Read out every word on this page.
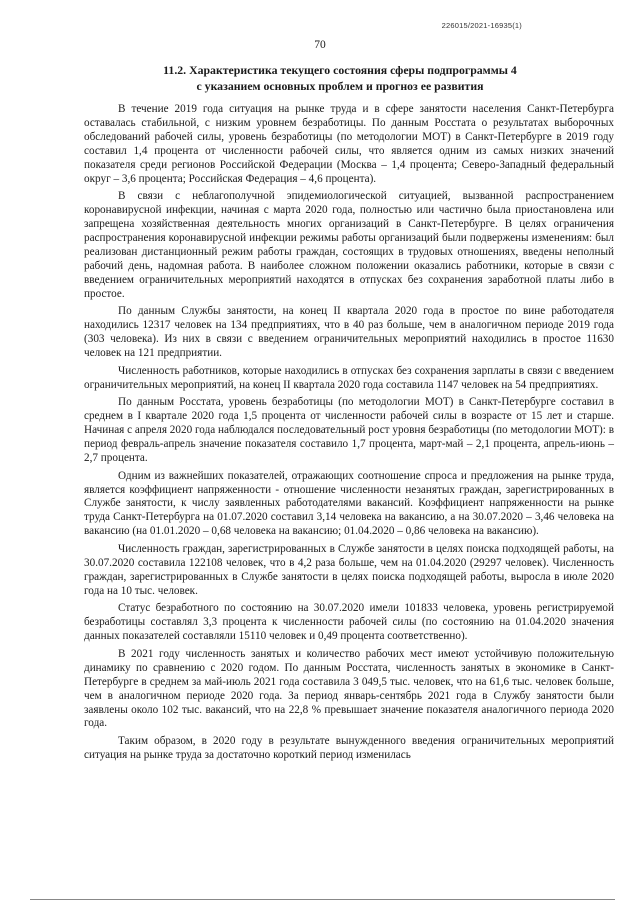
226015/2021-16935(1)
70
11.2. Характеристика текущего состояния сферы подпрограммы 4
с указанием основных проблем и прогноз ее развития

В течение 2019 года ситуация на рынке труда и в сфере занятости населения Санкт-Петербурга оставалась стабильной, с низким уровнем безработицы. По данным Росстата о результатах выборочных обследований рабочей силы, уровень безработицы (по методологии МОТ) в Санкт-Петербурге в 2019 году составил 1,4 процента от численности рабочей силы, что является одним из самых низких значений показателя среди регионов Российской Федерации (Москва – 1,4 процента; Северо-Западный федеральный округ – 3,6 процента; Российская Федерация – 4,6 процента).

В связи с неблагополучной эпидемиологической ситуацией, вызванной распространением коронавирусной инфекции, начиная с марта 2020 года, полностью или частично была приостановлена или запрещена хозяйственная деятельность многих организаций в Санкт-Петербурге. В целях ограничения распространения коронавирусной инфекции режимы работы организаций были подвержены изменениям: был реализован дистанционный режим работы граждан, состоящих в трудовых отношениях, введены неполный рабочий день, надомная работа. В наиболее сложном положении оказались работники, которые в связи с введением ограничительных мероприятий находятся в отпусках без сохранения заработной платы либо в простое.

По данным Службы занятости, на конец II квартала 2020 года в простое по вине работодателя находились 12317 человек на 134 предприятиях, что в 40 раз больше, чем в аналогичном периоде 2019 года (303 человека). Из них в связи с введением ограничительных мероприятий находились в простое 11630 человек на 121 предприятии.

Численность работников, которые находились в отпусках без сохранения зарплаты в связи с введением ограничительных мероприятий, на конец II квартала 2020 года составила 1147 человек на 54 предприятиях.

По данным Росстата, уровень безработицы (по методологии МОТ) в Санкт-Петербурге составил в среднем в I квартале 2020 года 1,5 процента от численности рабочей силы в возрасте от 15 лет и старше. Начиная с апреля 2020 года наблюдался последовательный рост уровня безработицы (по методологии МОТ): в период февраль-апрель значение показателя составило 1,7 процента, март-май – 2,1 процента, апрель-июнь – 2,7 процента.

Одним из важнейших показателей, отражающих соотношение спроса и предложения на рынке труда, является коэффициент напряженности - отношение численности незанятых граждан, зарегистрированных в Службе занятости, к числу заявленных работодателями вакансий. Коэффициент напряженности на рынке труда Санкт-Петербурга на 01.07.2020 составил 3,14 человека на вакансию, а на 30.07.2020 – 3,46 человека на вакансию (на 01.01.2020 – 0,68 человека на вакансию; 01.04.2020 – 0,86 человека на вакансию).

Численность граждан, зарегистрированных в Службе занятости в целях поиска подходящей работы, на 30.07.2020 составила 122108 человек, что в 4,2 раза больше, чем на 01.04.2020 (29297 человек). Численность граждан, зарегистрированных в Службе занятости в целях поиска подходящей работы, выросла в июле 2020 года на 10 тыс. человек.

Статус безработного по состоянию на 30.07.2020 имели 101833 человека, уровень регистрируемой безработицы составлял 3,3 процента к численности рабочей силы (по состоянию на 01.04.2020 значения данных показателей составляли 15110 человек и 0,49 процента соответственно).

В 2021 году численность занятых и количество рабочих мест имеют устойчивую положительную динамику по сравнению с 2020 годом. По данным Росстата, численность занятых в экономике в Санкт-Петербурге в среднем за май-июль 2021 года составила 3 049,5 тыс. человек, что на 61,6 тыс. человек больше, чем в аналогичном периоде 2020 года. За период январь-сентябрь 2021 года в Службу занятости были заявлены около 102 тыс. вакансий, что на 22,8 % превышает значение показателя аналогичного периода 2020 года.

Таким образом, в 2020 году в результате вынужденного введения ограничительных мероприятий ситуация на рынке труда за достаточно короткий период изменилась
